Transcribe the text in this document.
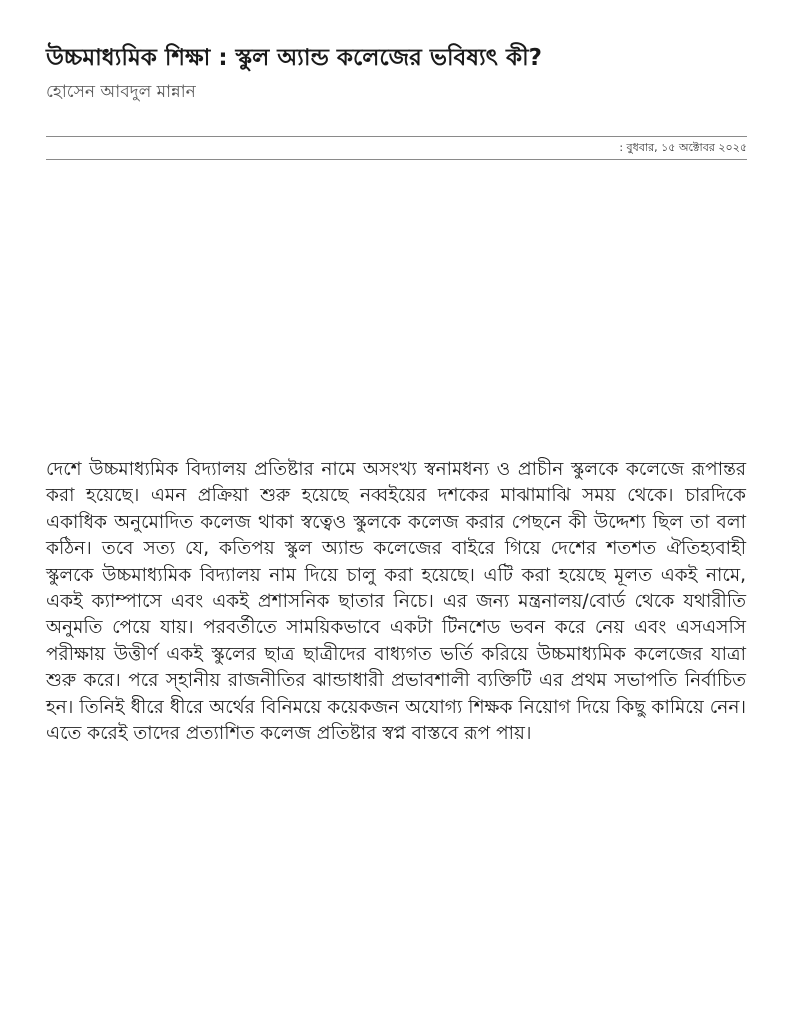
উচ্চমাধ্যমিক শিক্ষা : স্কুল অ্যান্ড কলেজের ভবিষ্যৎ কী?

হোসেন আবদুল মান্নান

: বুধবার, ১৫ অক্টোবর ২০২৫

দেশে উচ্চমাধ্যমিক বিদ্যালয় প্রতিষ্টার নামে অসংখ্য স্বনামধন্য ও প্রাচীন স্কুলকে কলেজে রূপান্তর করা হয়েছে। এমন প্রক্রিয়া শুরু হয়েছে নব্বইয়ের দশকের মাঝামাঝি সময় থেকে। চারদিকে একাধিক অনুমোদিত কলেজ থাকা স্বত্বেও স্কুলকে কলেজ করার পেছনে কী উদ্দেশ্য ছিল তা বলা কঠিন। তবে সত্য যে, কতিপয় স্কুল অ্যান্ড কলেজের বাইরে গিয়ে দেশের শতশত ঐতিহ্যবাহী স্কুলকে উচ্চমাধ্যমিক বিদ্যালয় নাম দিয়ে চালু করা হয়েছে। এটি করা হয়েছে মূলত একই নামে, একই ক্যাম্পাসে এবং একই প্রশাসনিক ছাতার নিচে। এর জন্য মন্ত্রনালয়/বোর্ড থেকে যথারীতি অনুমতি পেয়ে যায়। পরবর্তীতে সাময়িকভাবে একটা টিনশেড ভবন করে নেয় এবং এসএসসি পরীক্ষায় উত্তীর্ণ একই স্কুলের ছাত্র ছাত্রীদের বাধ্যগত ভর্তি করিয়ে উচ্চমাধ্যমিক কলেজের যাত্রা শুরু করে। পরে স্হানীয় রাজনীতির ঝান্ডাধারী প্রভাবশালী ব্যক্তিটি এর প্রথম সভাপতি নির্বাচিত হন। তিনিই ধীরে ধীরে অর্থের বিনিময়ে কয়েকজন অযোগ্য শিক্ষক নিয়োগ দিয়ে কিছু কামিয়ে নেন। এতে করেই তাদের প্রত্যাশিত কলেজ প্রতিষ্টার স্বপ্ন বাস্তবে রূপ পায়।
